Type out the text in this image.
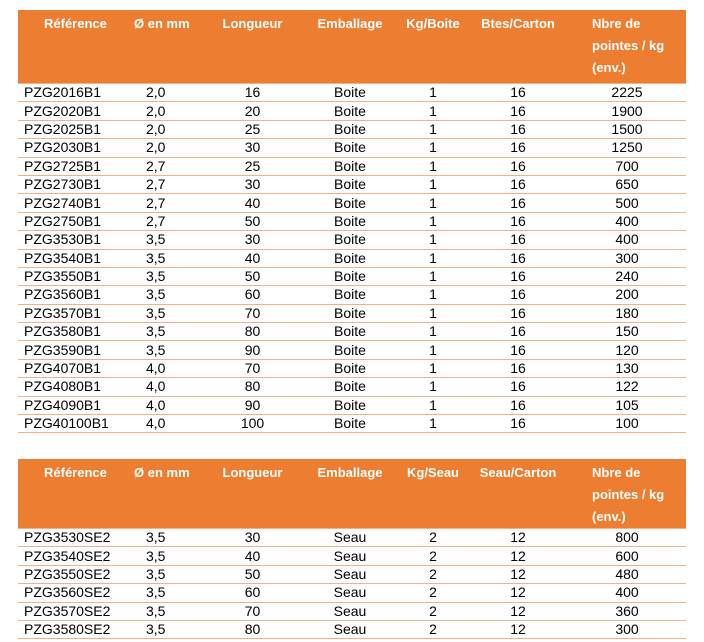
Référence	Ø en mm	Longueur	Emballage	Kg/Boite	Btes/Carton	Nbre de pointes / kg (env.)
PZG2016B1	2,0	16	Boite	1	16	2225
PZG2020B1	2,0	20	Boite	1	16	1900
PZG2025B1	2,0	25	Boite	1	16	1500
PZG2030B1	2,0	30	Boite	1	16	1250
PZG2725B1	2,7	25	Boite	1	16	700
PZG2730B1	2,7	30	Boite	1	16	650
PZG2740B1	2,7	40	Boite	1	16	500
PZG2750B1	2,7	50	Boite	1	16	400
PZG3530B1	3,5	30	Boite	1	16	400
PZG3540B1	3,5	40	Boite	1	16	300
PZG3550B1	3,5	50	Boite	1	16	240
PZG3560B1	3,5	60	Boite	1	16	200
PZG3570B1	3,5	70	Boite	1	16	180
PZG3580B1	3,5	80	Boite	1	16	150
PZG3590B1	3,5	90	Boite	1	16	120
PZG4070B1	4,0	70	Boite	1	16	130
PZG4080B1	4,0	80	Boite	1	16	122
PZG4090B1	4,0	90	Boite	1	16	105
PZG40100B1	4,0	100	Boite	1	16	100
Référence	Ø en mm	Longueur	Emballage	Kg/Seau	Seau/Carton	Nbre de pointes / kg (env.)
PZG3530SE2	3,5	30	Seau	2	12	800
PZG3540SE2	3,5	40	Seau	2	12	600
PZG3550SE2	3,5	50	Seau	2	12	480
PZG3560SE2	3,5	60	Seau	2	12	400
PZG3570SE2	3,5	70	Seau	2	12	360
PZG3580SE2	3,5	80	Seau	2	12	300
